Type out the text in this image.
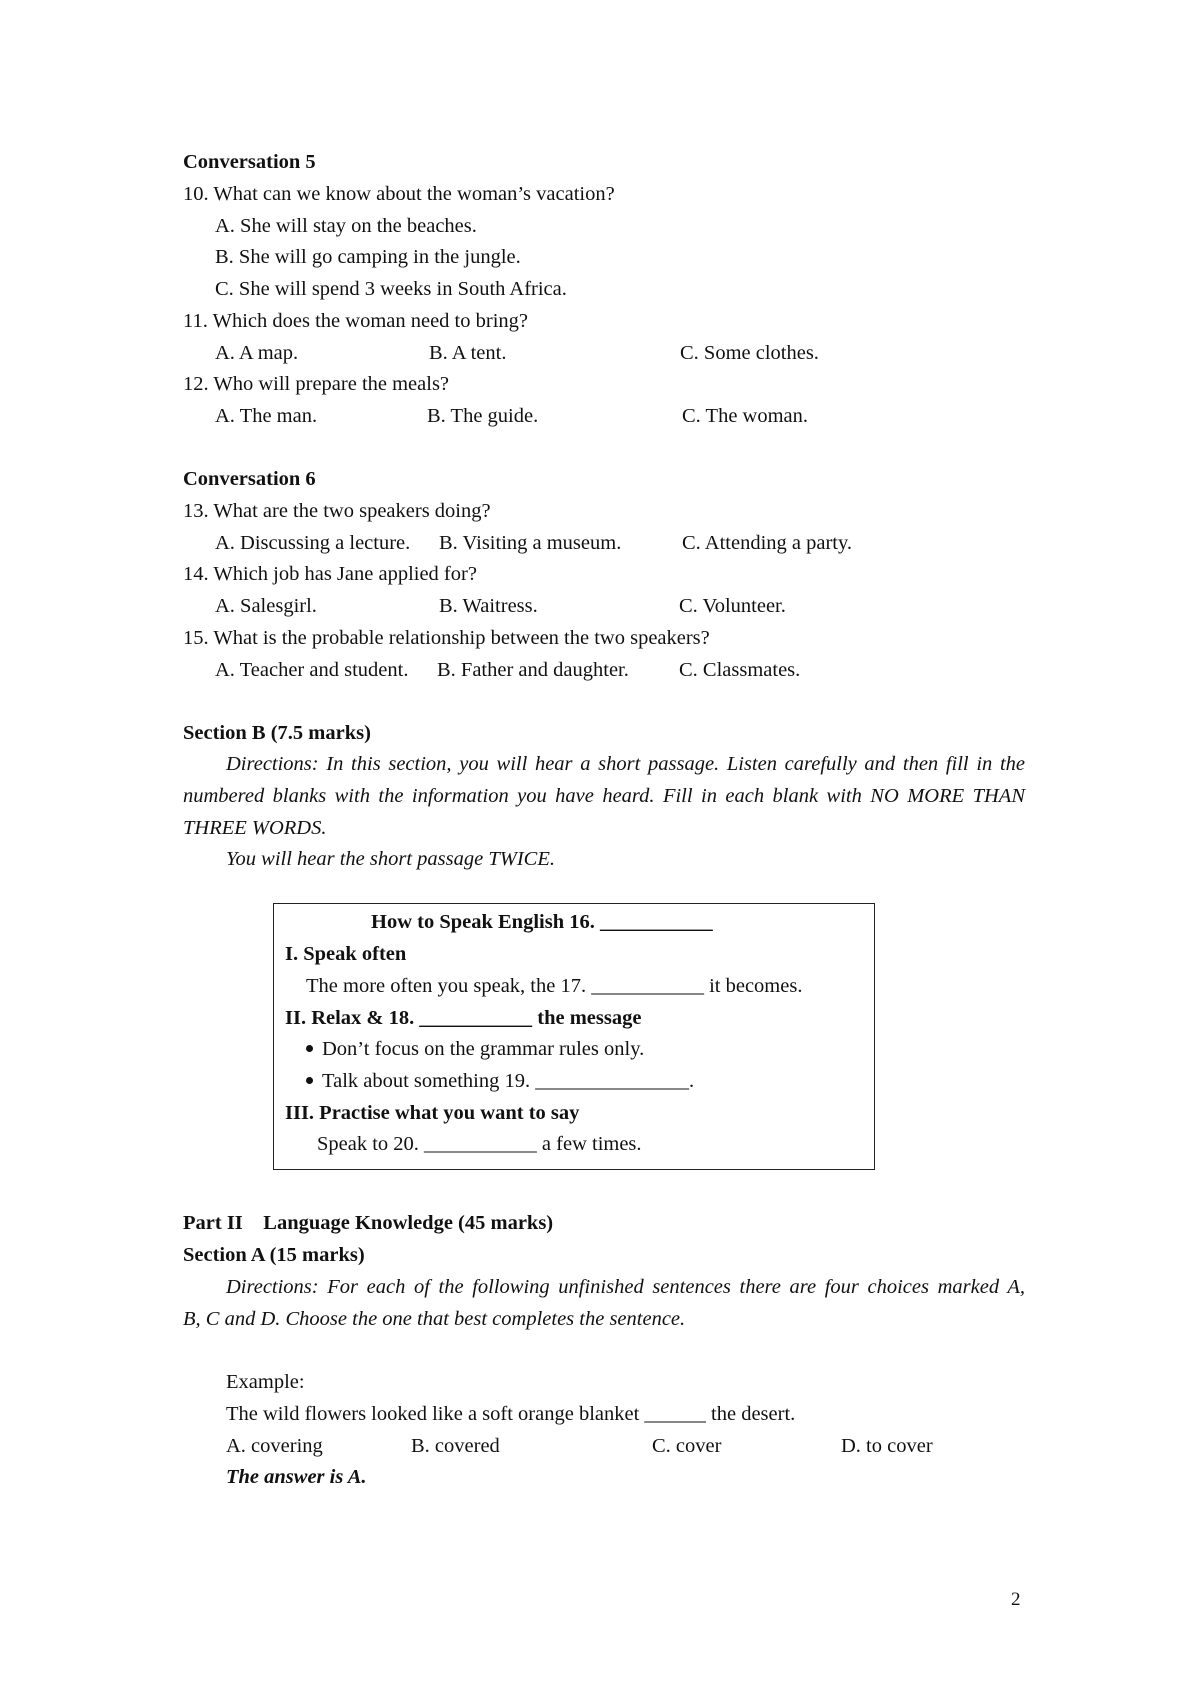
Conversation 5
10. What can we know about the woman’s vacation?
A. She will stay on the beaches.
B. She will go camping in the jungle.
C. She will spend 3 weeks in South Africa.
11. Which does the woman need to bring?
A. A map.	B. A tent.	C. Some clothes.
12. Who will prepare the meals?
A. The man.	B. The guide.	C. The woman.
Conversation 6
13. What are the two speakers doing?
A. Discussing a lecture. B. Visiting a museum.	C. Attending a party.
14. Which job has Jane applied for?
A. Salesgirl.	B. Waitress.	C. Volunteer.
15. What is the probable relationship between the two speakers?
A. Teacher and student. B. Father and daughter. C. Classmates.
Section B (7.5 marks)
Directions: In this section, you will hear a short passage. Listen carefully and then fill in the
numbered blanks with the information you have heard. Fill in each blank with NO MORE THAN
THREE WORDS.
You will hear the short passage TWICE.
How to Speak English 16. ___________
I. Speak often
The more often you speak, the 17. ___________ it becomes.
II. Relax & 18. ___________ the message
Don’t focus on the grammar rules only.
Talk about something 19. _______________.
III. Practise what you want to say
Speak to 20. ___________ a few times.
Part II    Language Knowledge (45 marks)
Section A (15 marks)
Directions: For each of the following unfinished sentences there are four choices marked A,
B, C and D. Choose the one that best completes the sentence.
Example:
The wild flowers looked like a soft orange blanket ______ the desert.
A. covering	B. covered	C. cover	D. to cover
The answer is A.
2
